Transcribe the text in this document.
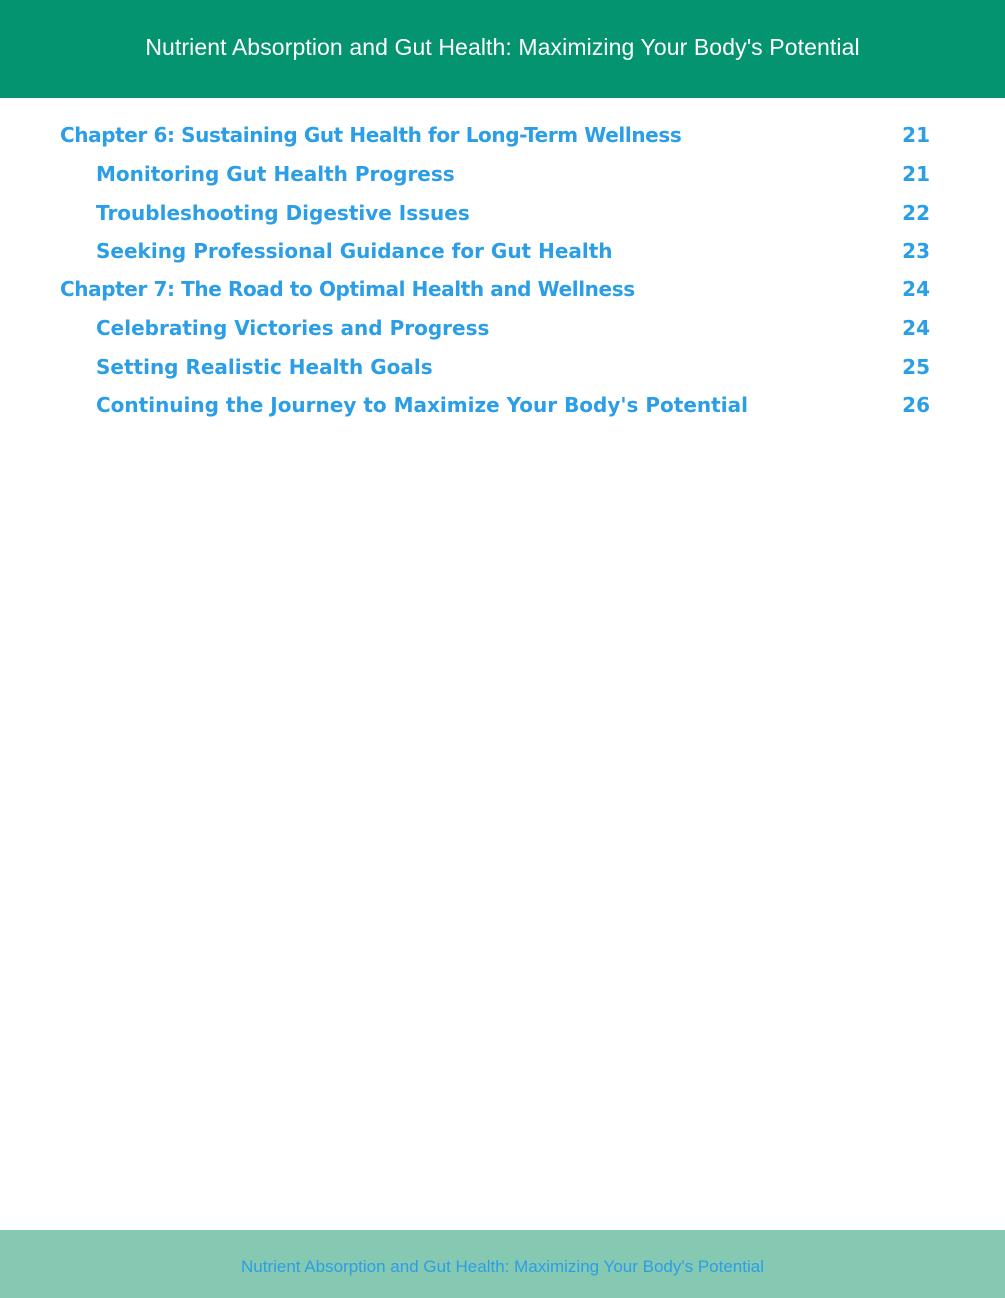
Nutrient Absorption and Gut Health: Maximizing Your Body's Potential
Chapter 6: Sustaining Gut Health for Long-Term Wellness	21
Monitoring Gut Health Progress	21
Troubleshooting Digestive Issues	22
Seeking Professional Guidance for Gut Health	23
Chapter 7: The Road to Optimal Health and Wellness	24
Celebrating Victories and Progress	24
Setting Realistic Health Goals	25
Continuing the Journey to Maximize Your Body's Potential	26
Nutrient Absorption and Gut Health: Maximizing Your Body's Potential
